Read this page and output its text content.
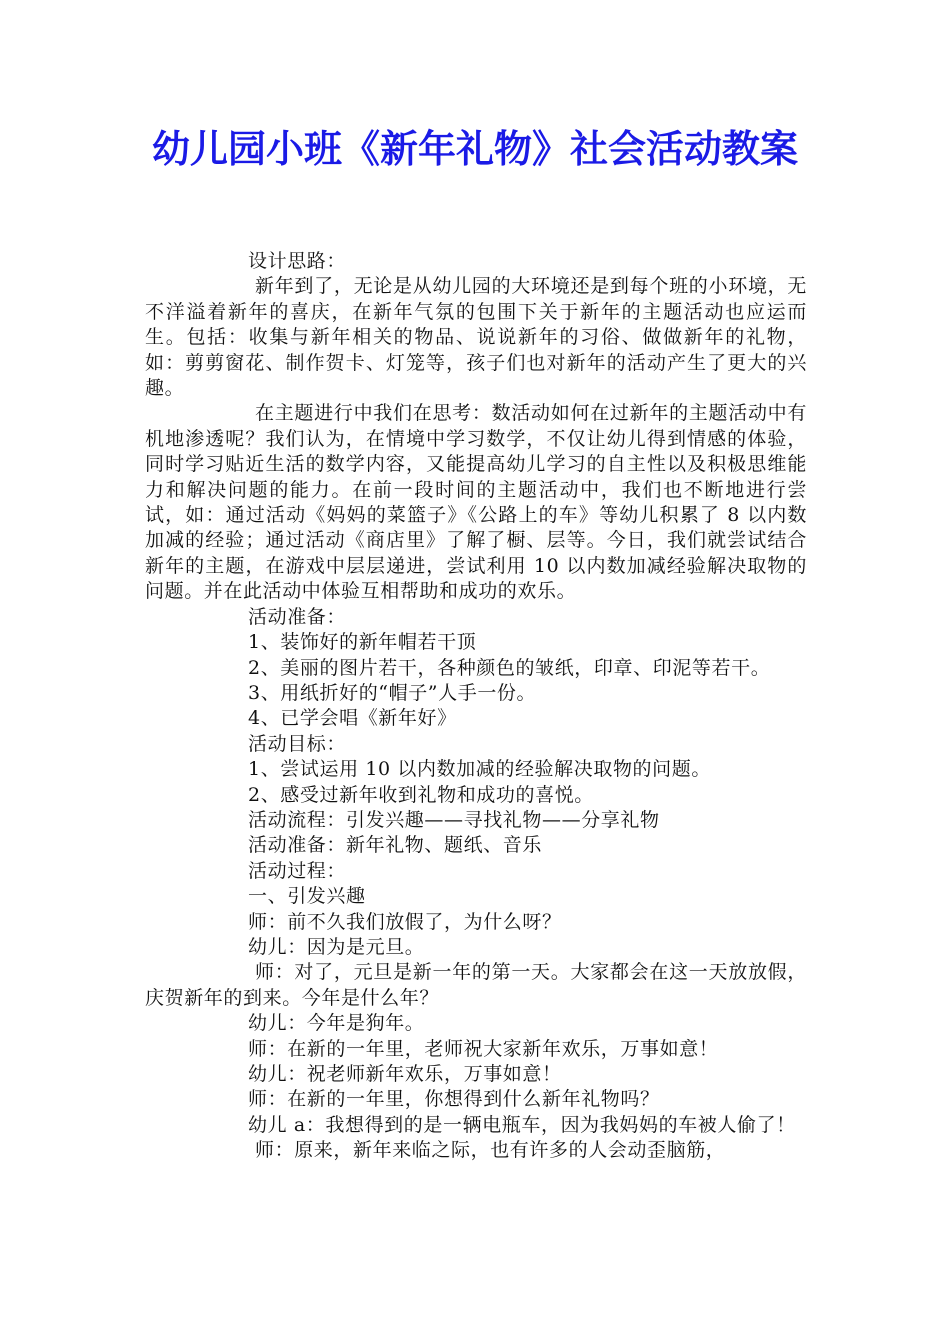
幼儿园小班《新年礼物》社会活动教案

设计思路：

新年到了，无论是从幼儿园的大环境还是到每个班的小环境，无不洋溢着新年的喜庆，在新年气氛的包围下关于新年的主题活动也应运而生。包括：收集与新年相关的物品、说说新年的习俗、做做新年的礼物，如：剪剪窗花、制作贺卡、灯笼等，孩子们也对新年的活动产生了更大的兴趣。

在主题进行中我们在思考：数活动如何在过新年的主题活动中有机地渗透呢？我们认为，在情境中学习数学，不仅让幼儿得到情感的体验，同时学习贴近生活的数学内容，又能提高幼儿学习的自主性以及积极思维能力和解决问题的能力。在前一段时间的主题活动中，我们也不断地进行尝试，如：通过活动《妈妈的菜篮子》《公路上的车》等幼儿积累了 8 以内数加减的经验；通过活动《商店里》了解了橱、层等。今日，我们就尝试结合新年的主题，在游戏中层层递进，尝试利用 10 以内数加减经验解决取物的问题。并在此活动中体验互相帮助和成功的欢乐。

活动准备：

1、装饰好的新年帽若干顶

2、美丽的图片若干，各种颜色的皱纸，印章、印泥等若干。

3、用纸折好的“帽子”人手一份。

4、已学会唱《新年好》

活动目标：

1、尝试运用 10 以内数加减的经验解决取物的问题。

2、感受过新年收到礼物和成功的喜悦。

活动流程：引发兴趣——寻找礼物——分享礼物

活动准备：新年礼物、题纸、音乐

活动过程：

一、引发兴趣

师：前不久我们放假了，为什么呀？

幼儿：因为是元旦。

师：对了，元旦是新一年的第一天。大家都会在这一天放放假，庆贺新年的到来。今年是什么年？

幼儿：今年是狗年。

师：在新的一年里，老师祝大家新年欢乐，万事如意！

幼儿：祝老师新年欢乐，万事如意！

师：在新的一年里，你想得到什么新年礼物吗？

幼儿 a：我想得到的是一辆电瓶车，因为我妈妈的车被人偷了！

师：原来，新年来临之际，也有许多的人会动歪脑筋，
